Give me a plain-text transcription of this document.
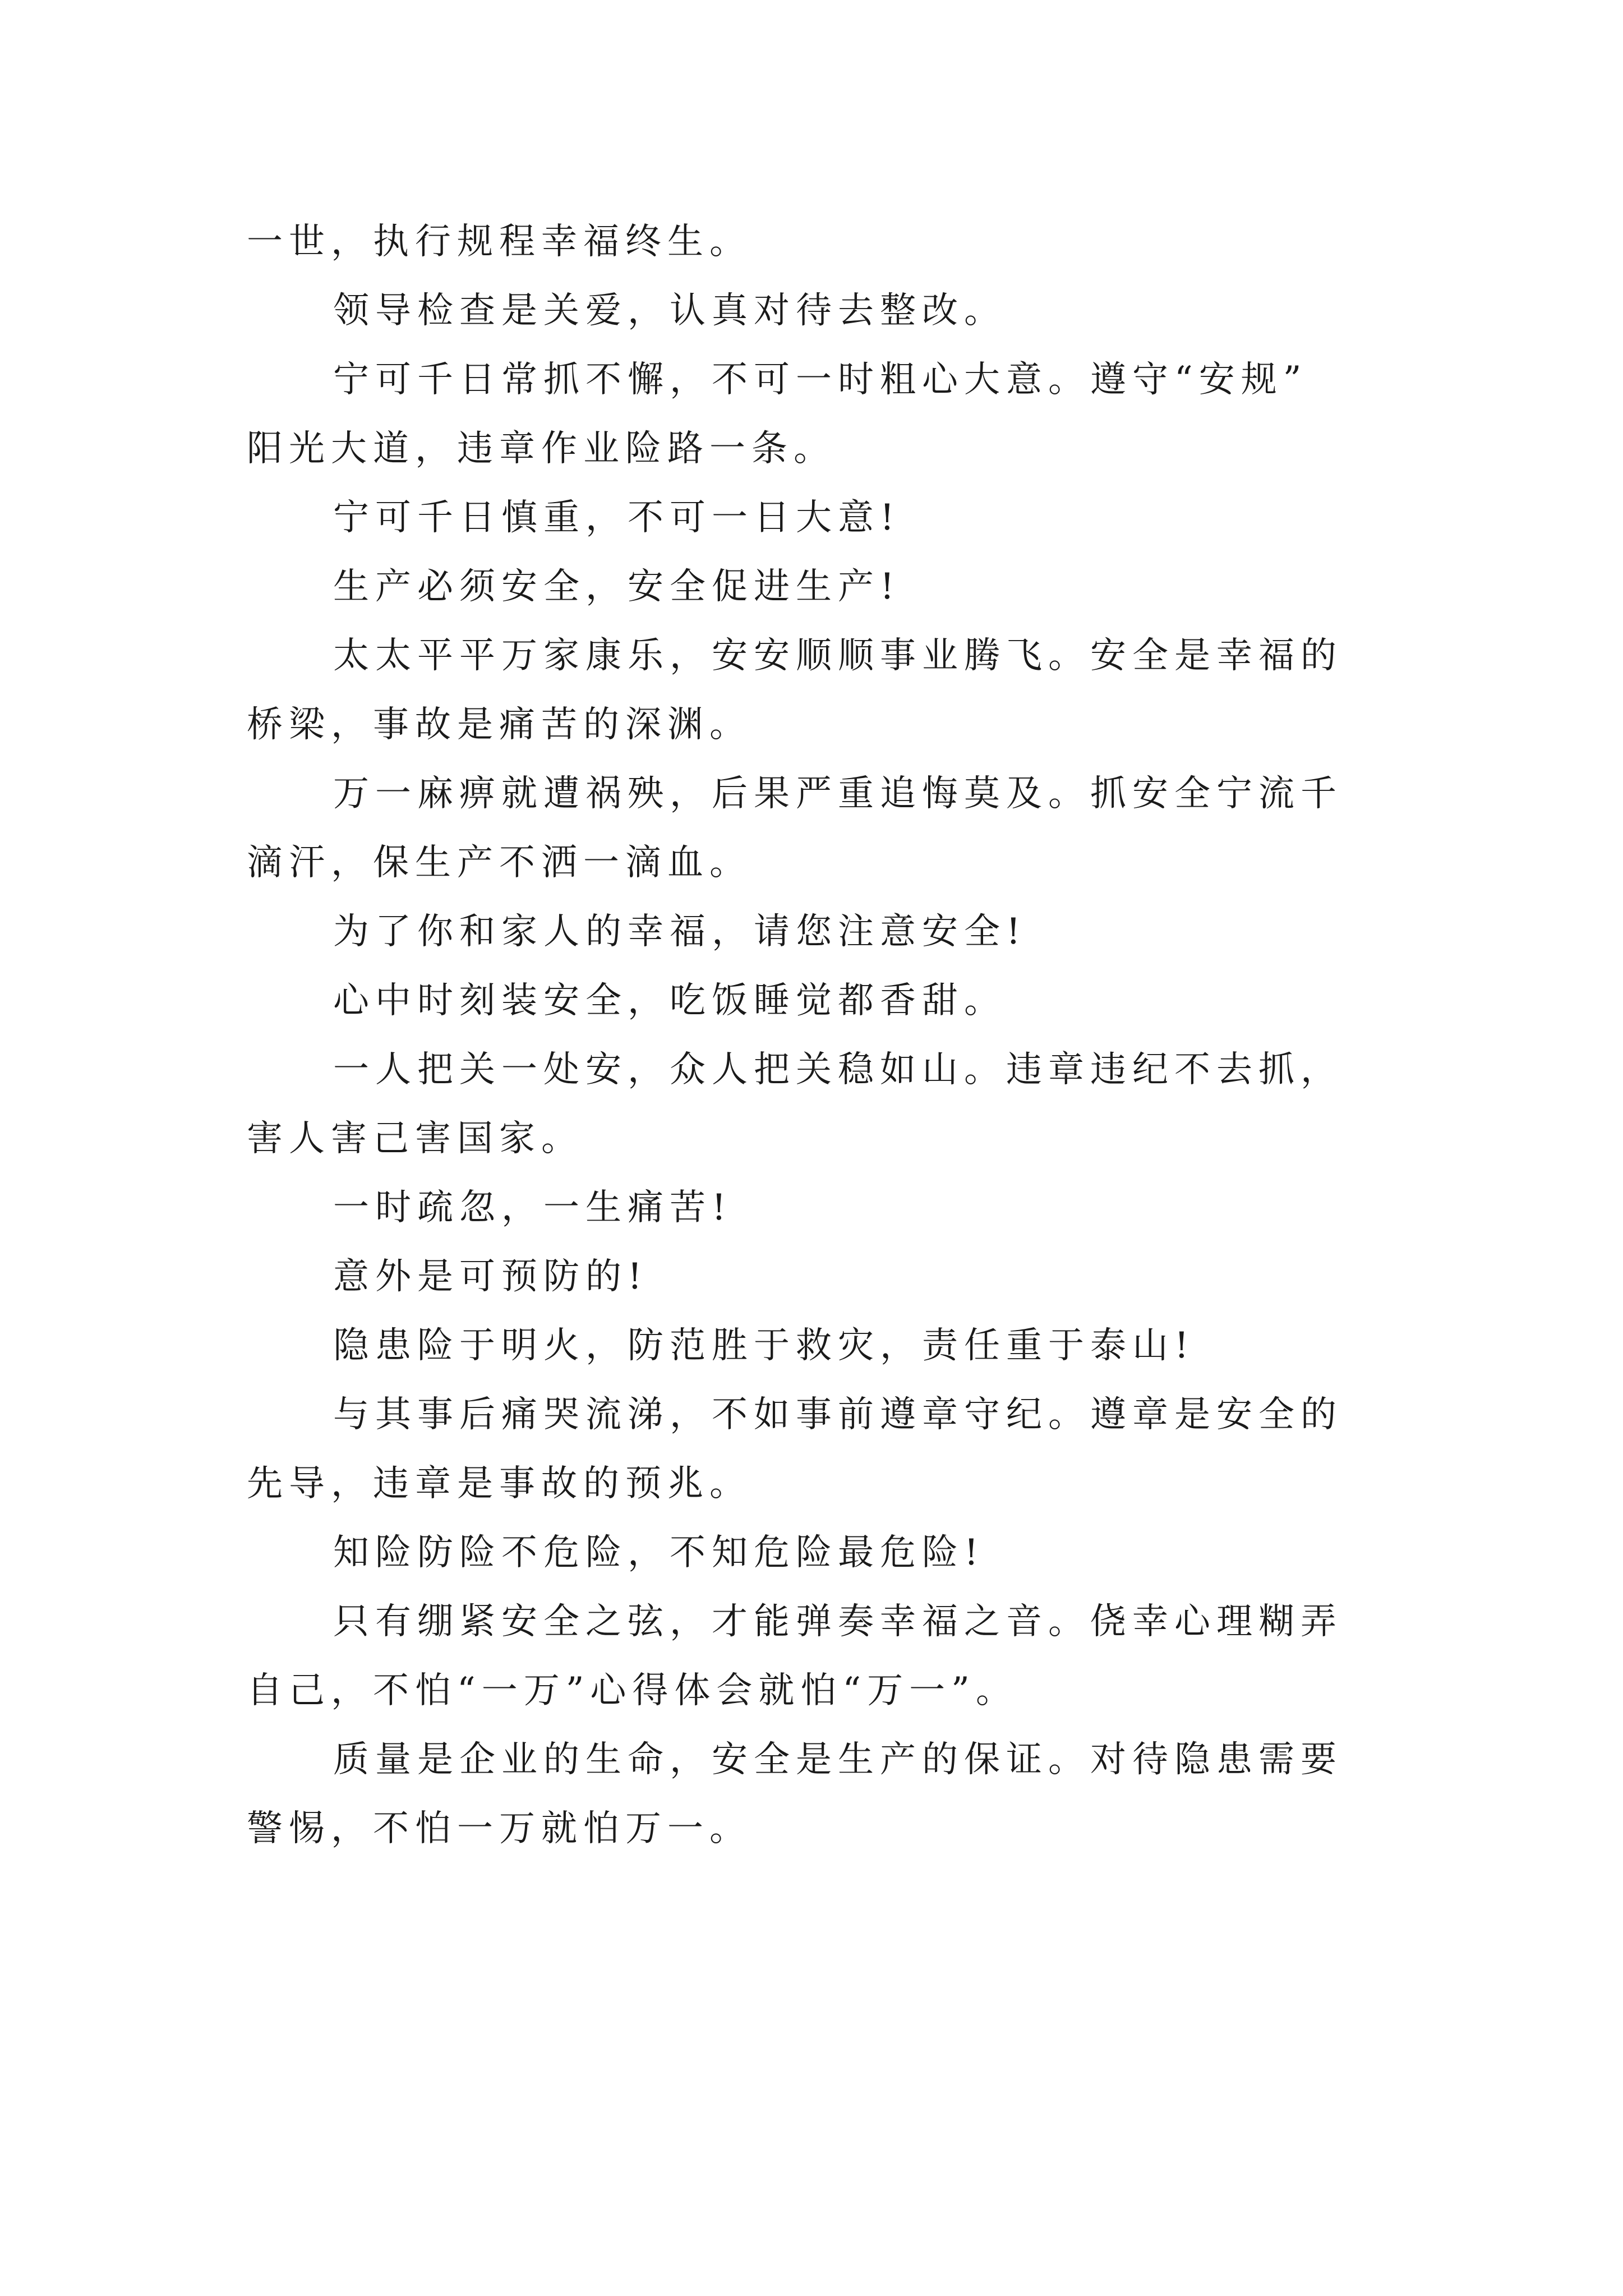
一世，执行规程幸福终生。
领导检查是关爱，认真对待去整改。
宁可千日常抓不懈，不可一时粗心大意。遵守“安规”
阳光大道，违章作业险路一条。
宁可千日慎重，不可一日大意!
生产必须安全，安全促进生产!
太太平平万家康乐，安安顺顺事业腾飞。安全是幸福的
桥梁，事故是痛苦的深渊。
万一麻痹就遭祸殃，后果严重追悔莫及。抓安全宁流千
滴汗，保生产不洒一滴血。
为了你和家人的幸福，请您注意安全!
心中时刻装安全，吃饭睡觉都香甜。
一人把关一处安，众人把关稳如山。违章违纪不去抓，
害人害己害国家。
一时疏忽，一生痛苦!
意外是可预防的!
隐患险于明火，防范胜于救灾，责任重于泰山!
与其事后痛哭流涕，不如事前遵章守纪。遵章是安全的
先导，违章是事故的预兆。
知险防险不危险，不知危险最危险!
只有绷紧安全之弦，才能弹奏幸福之音。侥幸心理糊弄
自己，不怕“一万”心得体会就怕“万一”。
质量是企业的生命，安全是生产的保证。对待隐患需要
警惕，不怕一万就怕万一。
